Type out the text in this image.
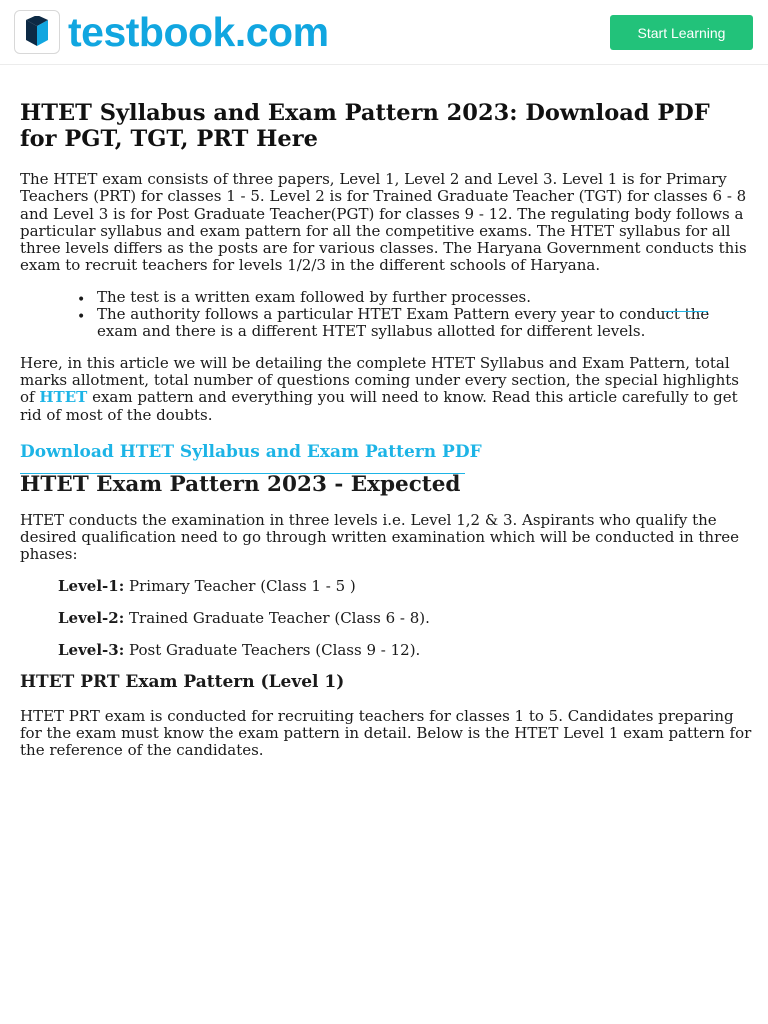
testbook.com	Start Learning
HTET Syllabus and Exam Pattern 2023: Download PDF for PGT, TGT, PRT Here

The HTET exam consists of three papers, Level 1, Level 2 and Level 3. Level 1 is for Primary Teachers (PRT) for classes 1 - 5. Level 2 is for Trained Graduate Teacher (TGT) for classes 6 - 8 and Level 3 is for Post Graduate Teacher(PGT) for classes 9 - 12. The regulating body follows a particular syllabus and exam pattern for all the competitive exams. The HTET syllabus for all three levels differs as the posts are for various classes. The Haryana Government conducts this exam to recruit teachers for levels 1/2/3 in the different schools of Haryana.

• The test is a written exam followed by further processes.
• The authority follows a particular HTET Exam Pattern every year to conduct the exam and there is a different HTET syllabus allotted for different levels.

Here, in this article we will be detailing the complete HTET Syllabus and Exam Pattern, total marks allotment, total number of questions coming under every section, the special highlights of HTET exam pattern and everything you will need to know. Read this article carefully to get rid of most of the doubts.

Download HTET Syllabus and Exam Pattern PDF
HTET Exam Pattern 2023 - Expected

HTET conducts the examination in three levels i.e. Level 1,2 & 3. Aspirants who qualify the desired qualification need to go through written examination which will be conducted in three phases:

Level-1: Primary Teacher (Class 1 - 5 )
Level-2: Trained Graduate Teacher (Class 6 - 8).
Level-3: Post Graduate Teachers (Class 9 - 12).
HTET PRT Exam Pattern (Level 1)

HTET PRT exam is conducted for recruiting teachers for classes 1 to 5. Candidates preparing for the exam must know the exam pattern in detail. Below is the HTET Level 1 exam pattern for the reference of the candidates.
